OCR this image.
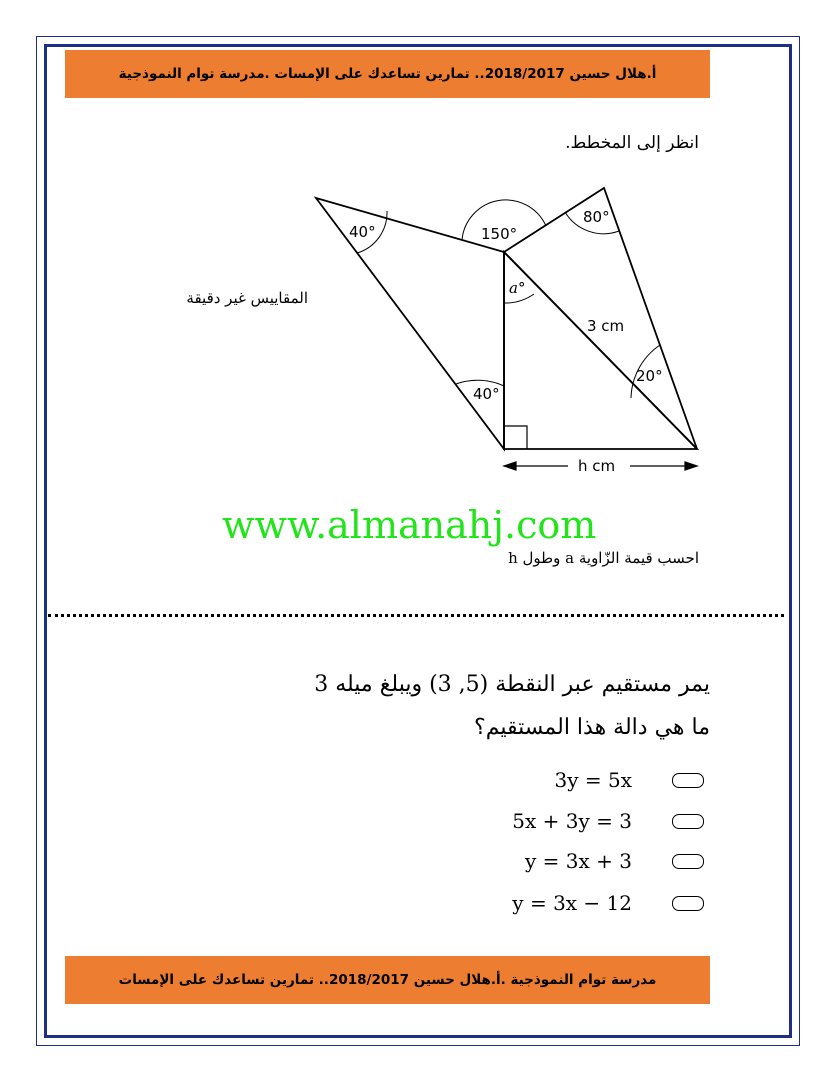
أ.هلال حسين 2018/2017.. تمارين تساعدك على الإمسات .مدرسة توام النموذجية
انظر إلى المخطط.
المقاييس غير دقيقة
40°	150°
80°
a°
40°
20°
3 cm
h cm
www.almanahj.com
احسب قيمة الزّاوية a وطول h
يمر مستقيم عبر النقطة (5, 3) ويبلغ ميله 3
ما هي دالة هذا المستقيم؟
3y = 5x
5x + 3y = 3
y = 3x + 3
y = 3x − 12
مدرسة توام النموذجية .أ.هلال حسين 2018/2017.. تمارين تساعدك على الإمسات
